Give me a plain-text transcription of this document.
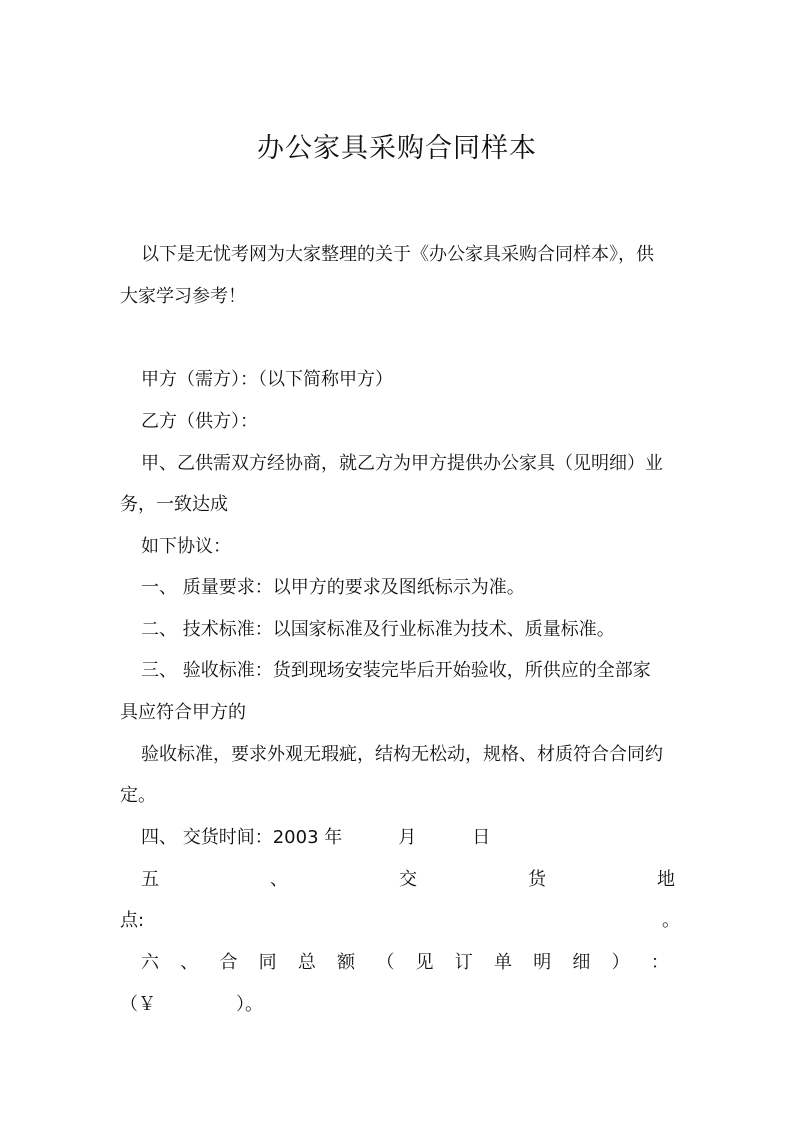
办公家具采购合同样本
以下是无忧考网为大家整理的关于《办公家具采购合同样本》，供
大家学习参考！
甲方（需方）：（以下简称甲方）
乙方（供方）：
甲、乙供需双方经协商，就乙方为甲方提供办公家具（见明细）业
务，一致达成
如下协议：
一、 质量要求：以甲方的要求及图纸标示为准。
二、 技术标准：以国家标准及行业标准为技术、质量标准。
三、 验收标准：货到现场安装完毕后开始验收，所供应的全部家
具应符合甲方的
验收标准，要求外观无瑕疵，结构无松动，规格、材质符合合同约
定。
四、 交货时间：2003 年	月	日
五	、	交	货	地
点:	。
六 、 合 同 总 额 （ 见 订 单 明 细 ） ：
（￥	）。
